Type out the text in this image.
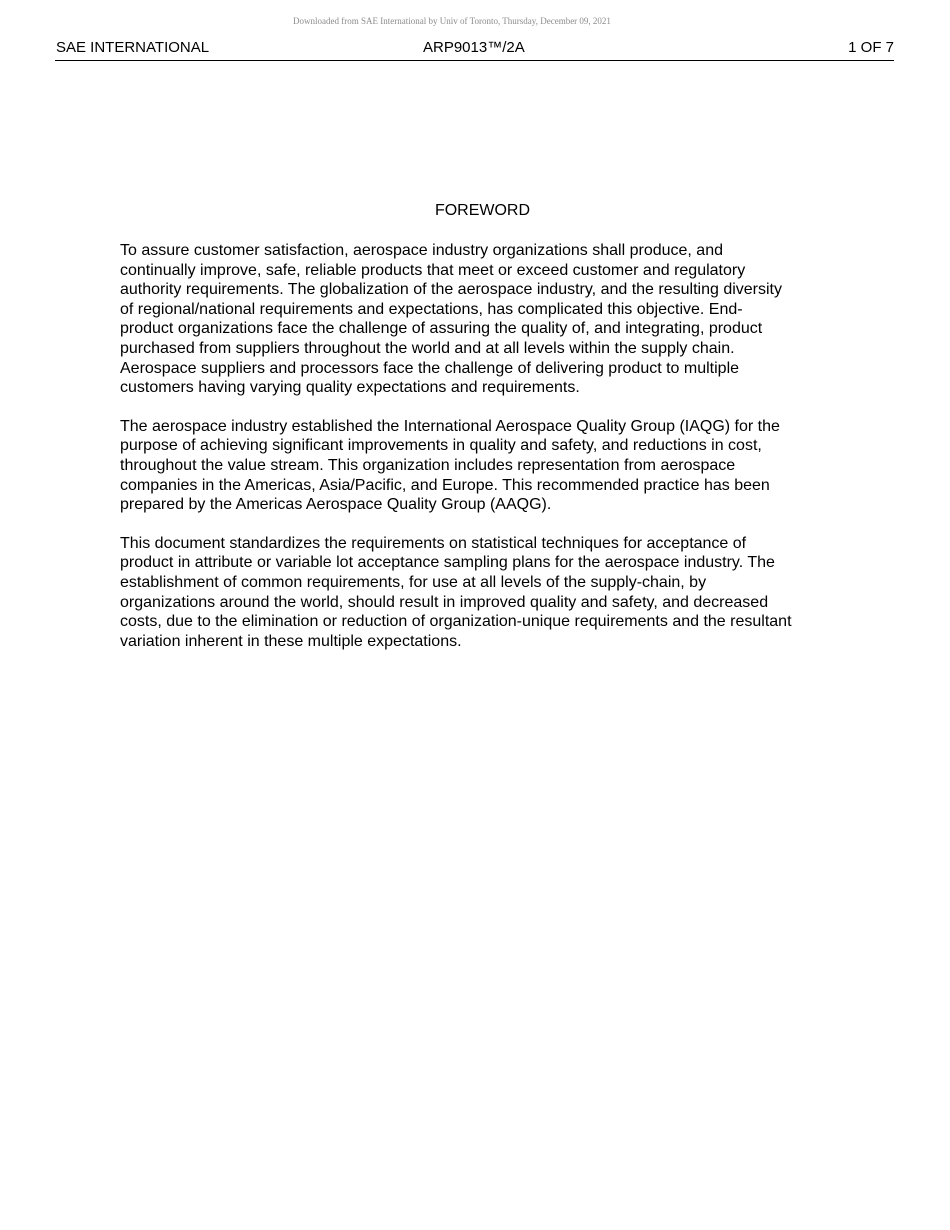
Downloaded from SAE International by Univ of Toronto, Thursday, December 09, 2021
SAE INTERNATIONAL	ARP9013™/2A	1 OF 7
FOREWORD

To assure customer satisfaction, aerospace industry organizations shall produce, and
continually improve, safe, reliable products that meet or exceed customer and regulatory
authority requirements. The globalization of the aerospace industry, and the resulting diversity
of regional/national requirements and expectations, has complicated this objective. End-
product organizations face the challenge of assuring the quality of, and integrating, product
purchased from suppliers throughout the world and at all levels within the supply chain.
Aerospace suppliers and processors face the challenge of delivering product to multiple
customers having varying quality expectations and requirements.

The aerospace industry established the International Aerospace Quality Group (IAQG) for the
purpose of achieving significant improvements in quality and safety, and reductions in cost,
throughout the value stream. This organization includes representation from aerospace
companies in the Americas, Asia/Pacific, and Europe. This recommended practice has been
prepared by the Americas Aerospace Quality Group (AAQG).

This document standardizes the requirements on statistical techniques for acceptance of
product in attribute or variable lot acceptance sampling plans for the aerospace industry. The
establishment of common requirements, for use at all levels of the supply-chain, by
organizations around the world, should result in improved quality and safety, and decreased
costs, due to the elimination or reduction of organization-unique requirements and the resultant
variation inherent in these multiple expectations.
